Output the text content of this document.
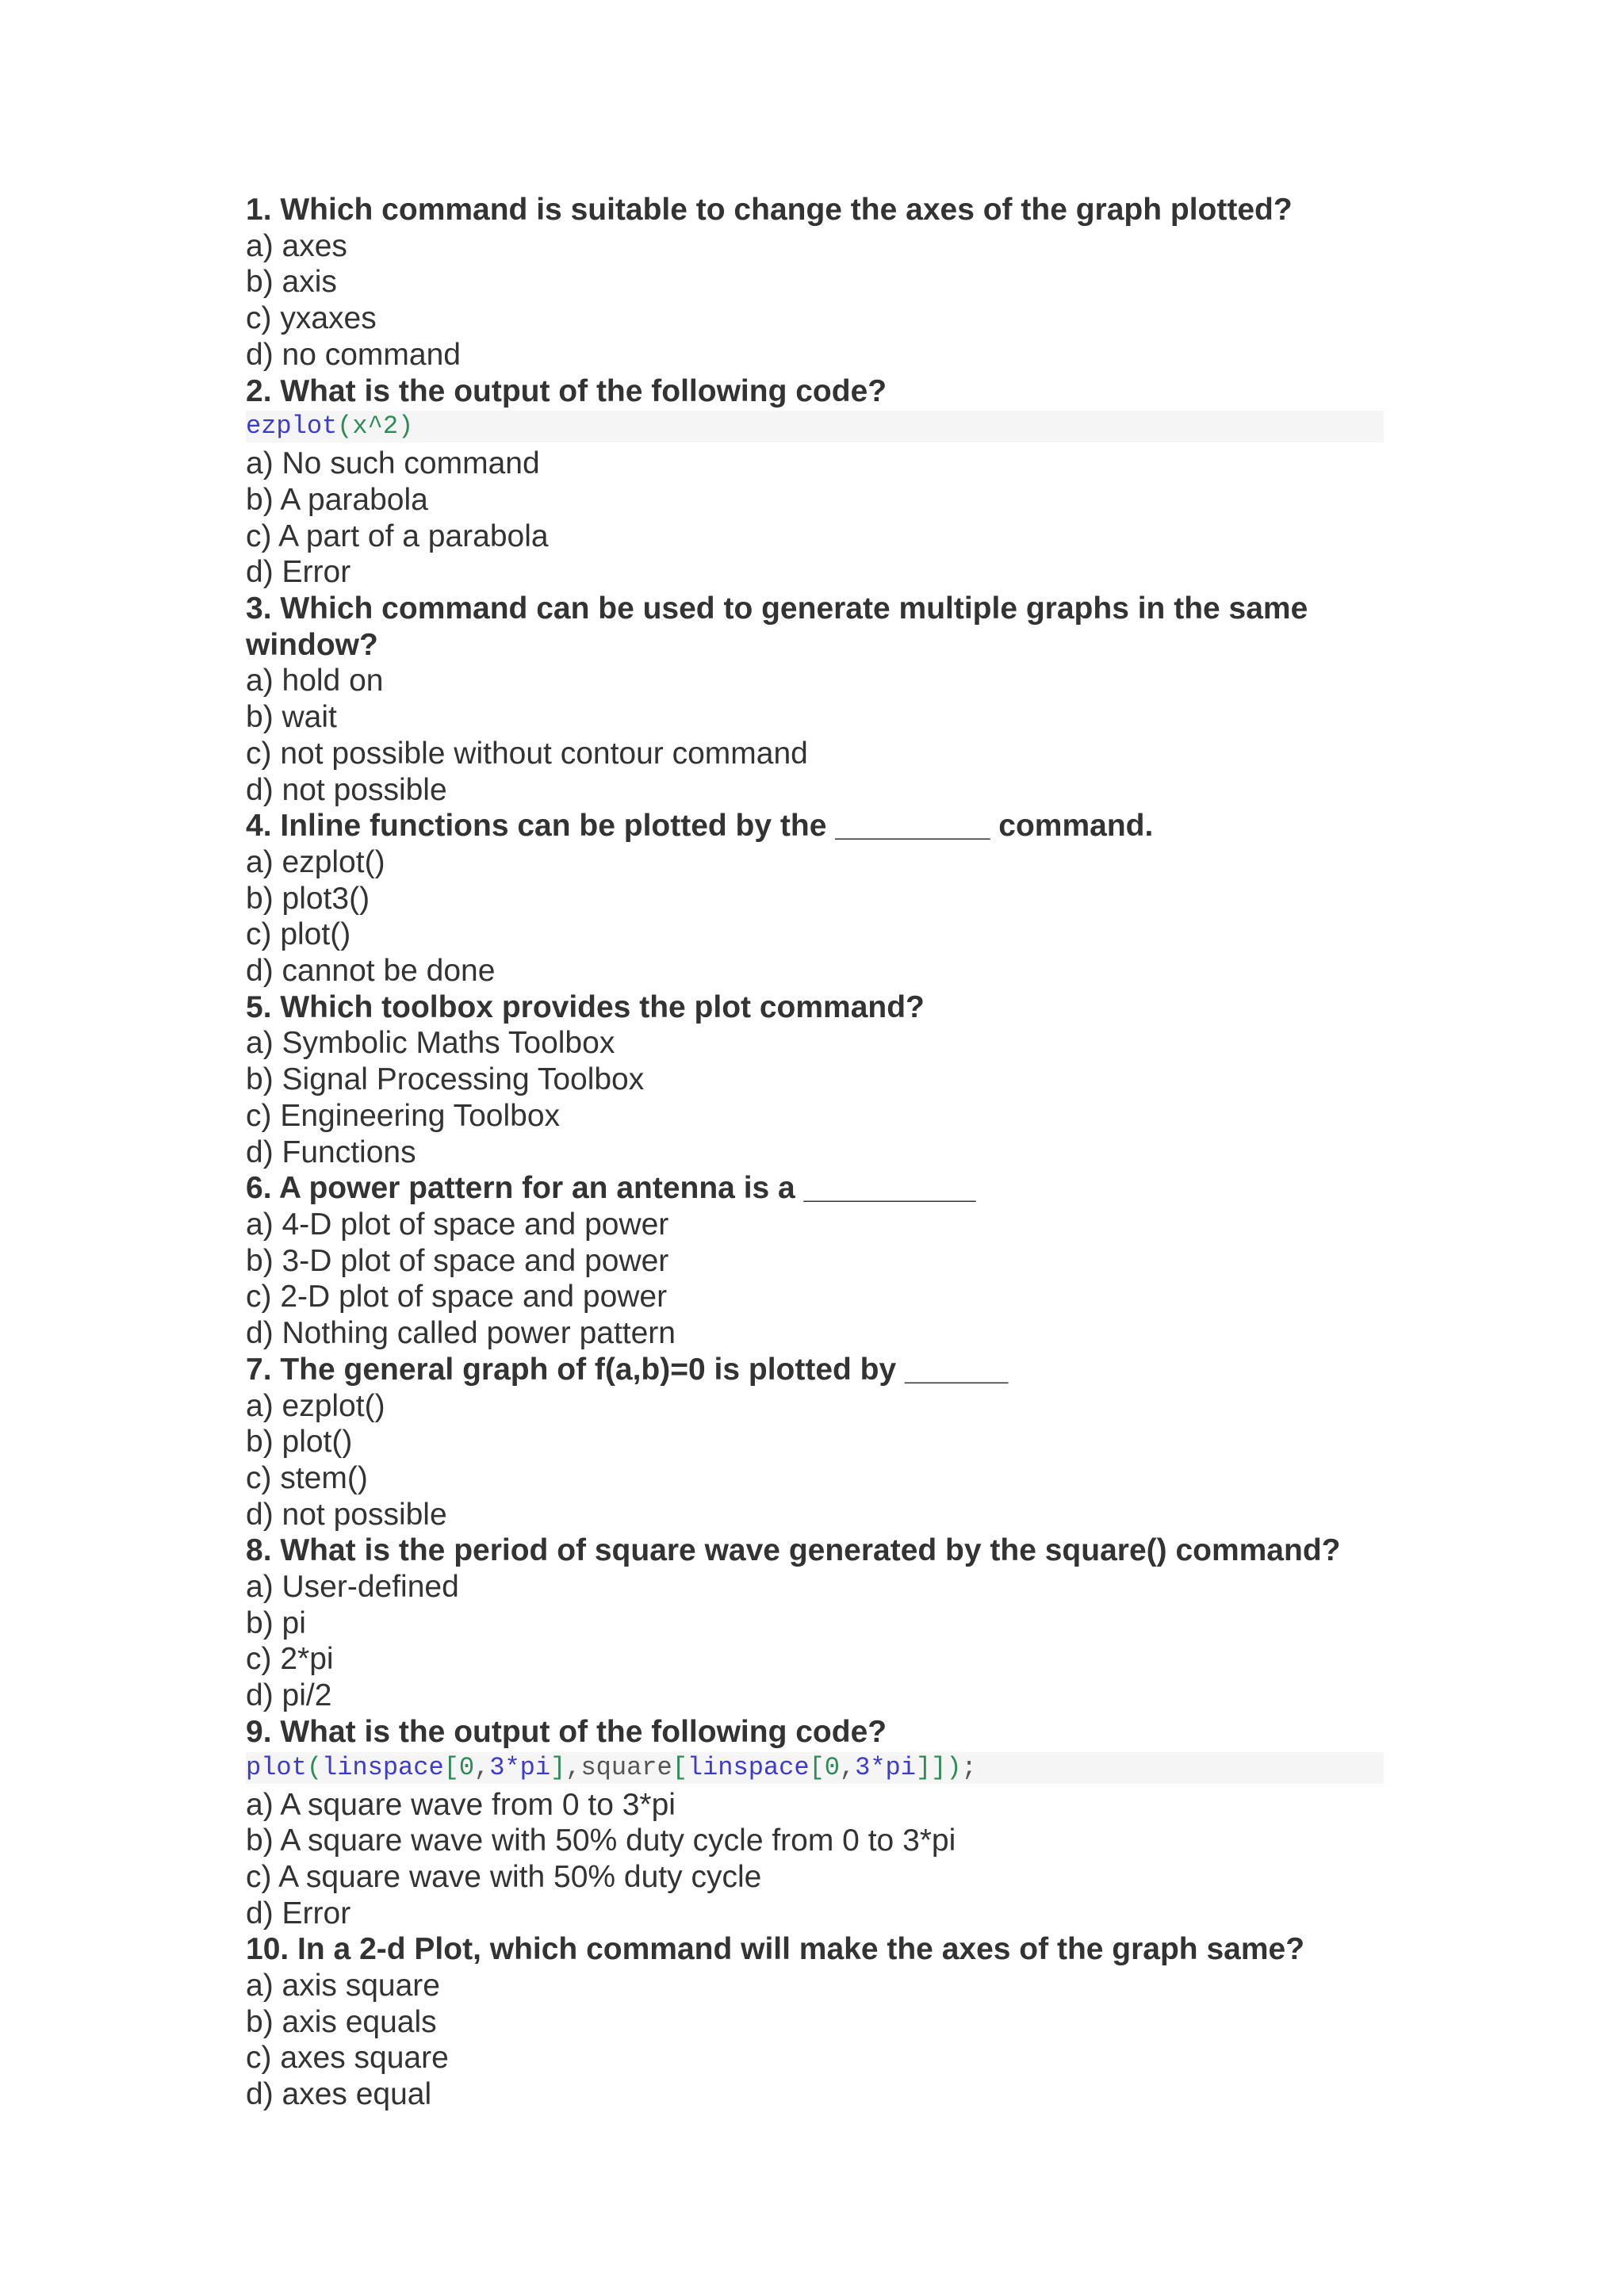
1. Which command is suitable to change the axes of the graph plotted?

a) axes

b) axis

c) yxaxes

d) no command

2. What is the output of the following code?

ezplot(x^2)

a) No such command

b) A parabola

c) A part of a parabola

d) Error

3. Which command can be used to generate multiple graphs in the same

window?

a) hold on

b) wait

c) not possible without contour command

d) not possible

4. Inline functions can be plotted by the _________ command.

a) ezplot()

b) plot3()

c) plot()

d) cannot be done

5. Which toolbox provides the plot command?

a) Symbolic Maths Toolbox

b) Signal Processing Toolbox

c) Engineering Toolbox

d) Functions

6. A power pattern for an antenna is a __________

a) 4-D plot of space and power

b) 3-D plot of space and power

c) 2-D plot of space and power

d) Nothing called power pattern

7. The general graph of f(a,b)=0 is plotted by ______

a) ezplot()

b) plot()

c) stem()

d) not possible

8. What is the period of square wave generated by the square() command?

a) User-defined

b) pi

c) 2*pi

d) pi/2

9. What is the output of the following code?

plot(linspace[0,3*pi],square[linspace[0,3*pi]]);

a) A square wave from 0 to 3*pi

b) A square wave with 50% duty cycle from 0 to 3*pi

c) A square wave with 50% duty cycle

d) Error

10. In a 2-d Plot, which command will make the axes of the graph same?

a) axis square

b) axis equals

c) axes square

d) axes equal
